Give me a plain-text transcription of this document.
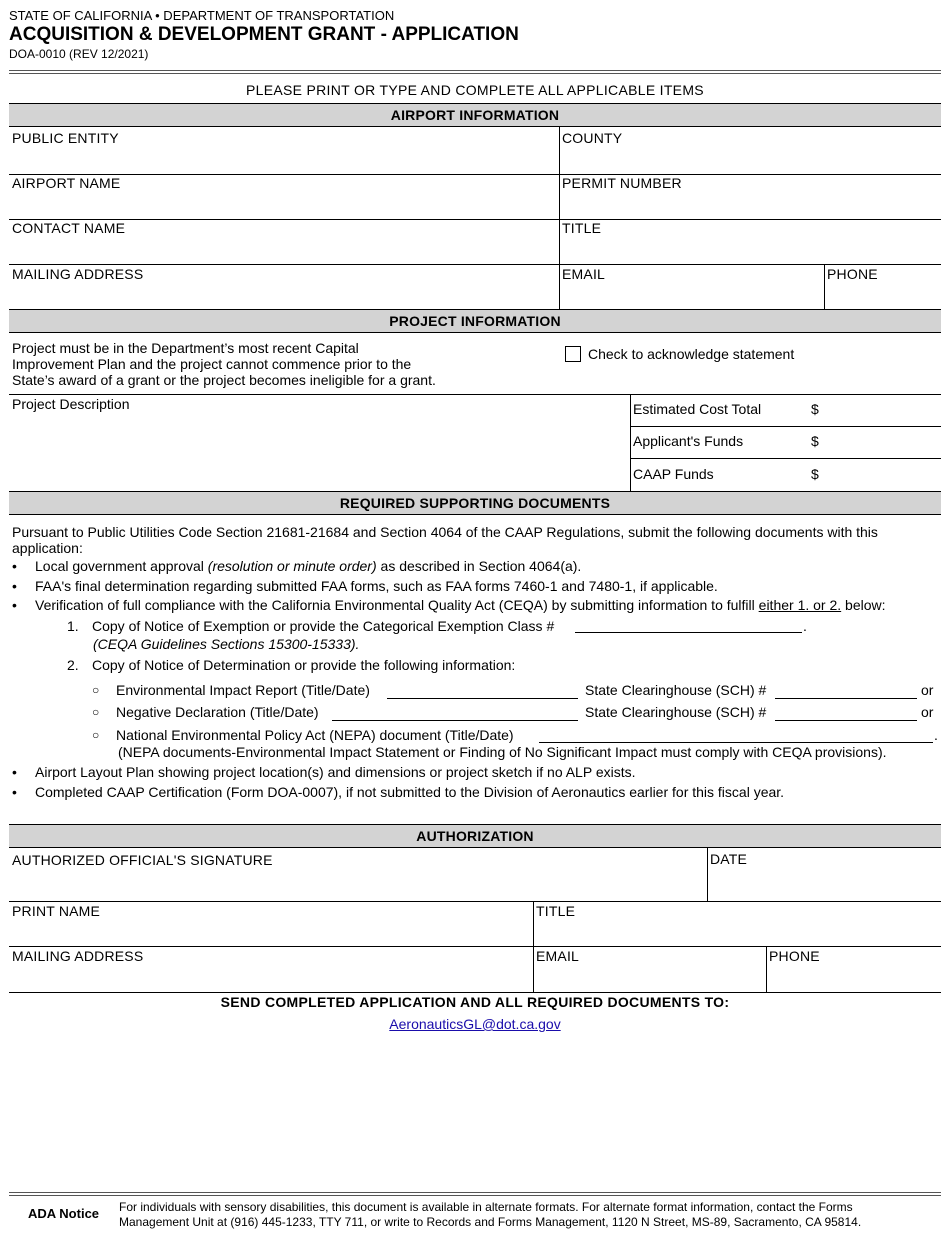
STATE OF CALIFORNIA • DEPARTMENT OF TRANSPORTATION
ACQUISITION & DEVELOPMENT GRANT - APPLICATION
DOA-0010 (REV 12/2021)
PLEASE PRINT OR TYPE AND COMPLETE ALL APPLICABLE ITEMS
AIRPORT INFORMATION
PUBLIC ENTITY	COUNTY
AIRPORT NAME	PERMIT NUMBER
CONTACT NAME	TITLE
MAILING ADDRESS	EMAIL	PHONE
PROJECT INFORMATION
Project must be in the Department’s most recent Capital
Improvement Plan and the project cannot commence prior to the
State’s award of a grant or the project becomes ineligible for a grant.
Check to acknowledge statement
Project Description	Estimated Cost Total	$
Applicant's Funds	$
CAAP Funds	$
REQUIRED SUPPORTING DOCUMENTS
Pursuant to Public Utilities Code Section 21681-21684 and Section 4064 of the CAAP Regulations, submit the following documents with this
application:
• Local government approval (resolution or minute order) as described in Section 4064(a).
• FAA's final determination regarding submitted FAA forms, such as FAA forms 7460-1 and 7480-1, if applicable.
• Verification of full compliance with the California Environmental Quality Act (CEQA) by submitting information to fulfill either 1. or 2. below:
1. Copy of Notice of Exemption or provide the Categorical Exemption Class #	.
(CEQA Guidelines Sections 15300-15333).
2. Copy of Notice of Determination or provide the following information:
○ Environmental Impact Report (Title/Date)	State Clearinghouse (SCH) #	or
○ Negative Declaration (Title/Date)	State Clearinghouse (SCH) #	or
○ National Environmental Policy Act (NEPA) document (Title/Date)	.
(NEPA documents-Environmental Impact Statement or Finding of No Significant Impact must comply with CEQA provisions).
• Airport Layout Plan showing project location(s) and dimensions or project sketch if no ALP exists.
• Completed CAAP Certification (Form DOA-0007), if not submitted to the Division of Aeronautics earlier for this fiscal year.
AUTHORIZATION
AUTHORIZED OFFICIAL'S SIGNATURE	DATE
PRINT NAME	TITLE
MAILING ADDRESS	EMAIL	PHONE
SEND COMPLETED APPLICATION AND ALL REQUIRED DOCUMENTS TO:
AeronauticsGL@dot.ca.gov
ADA Notice For individuals with sensory disabilities, this document is available in alternate formats. For alternate format information, contact the Forms
Management Unit at (916) 445-1233, TTY 711, or write to Records and Forms Management, 1120 N Street, MS-89, Sacramento, CA 95814.
